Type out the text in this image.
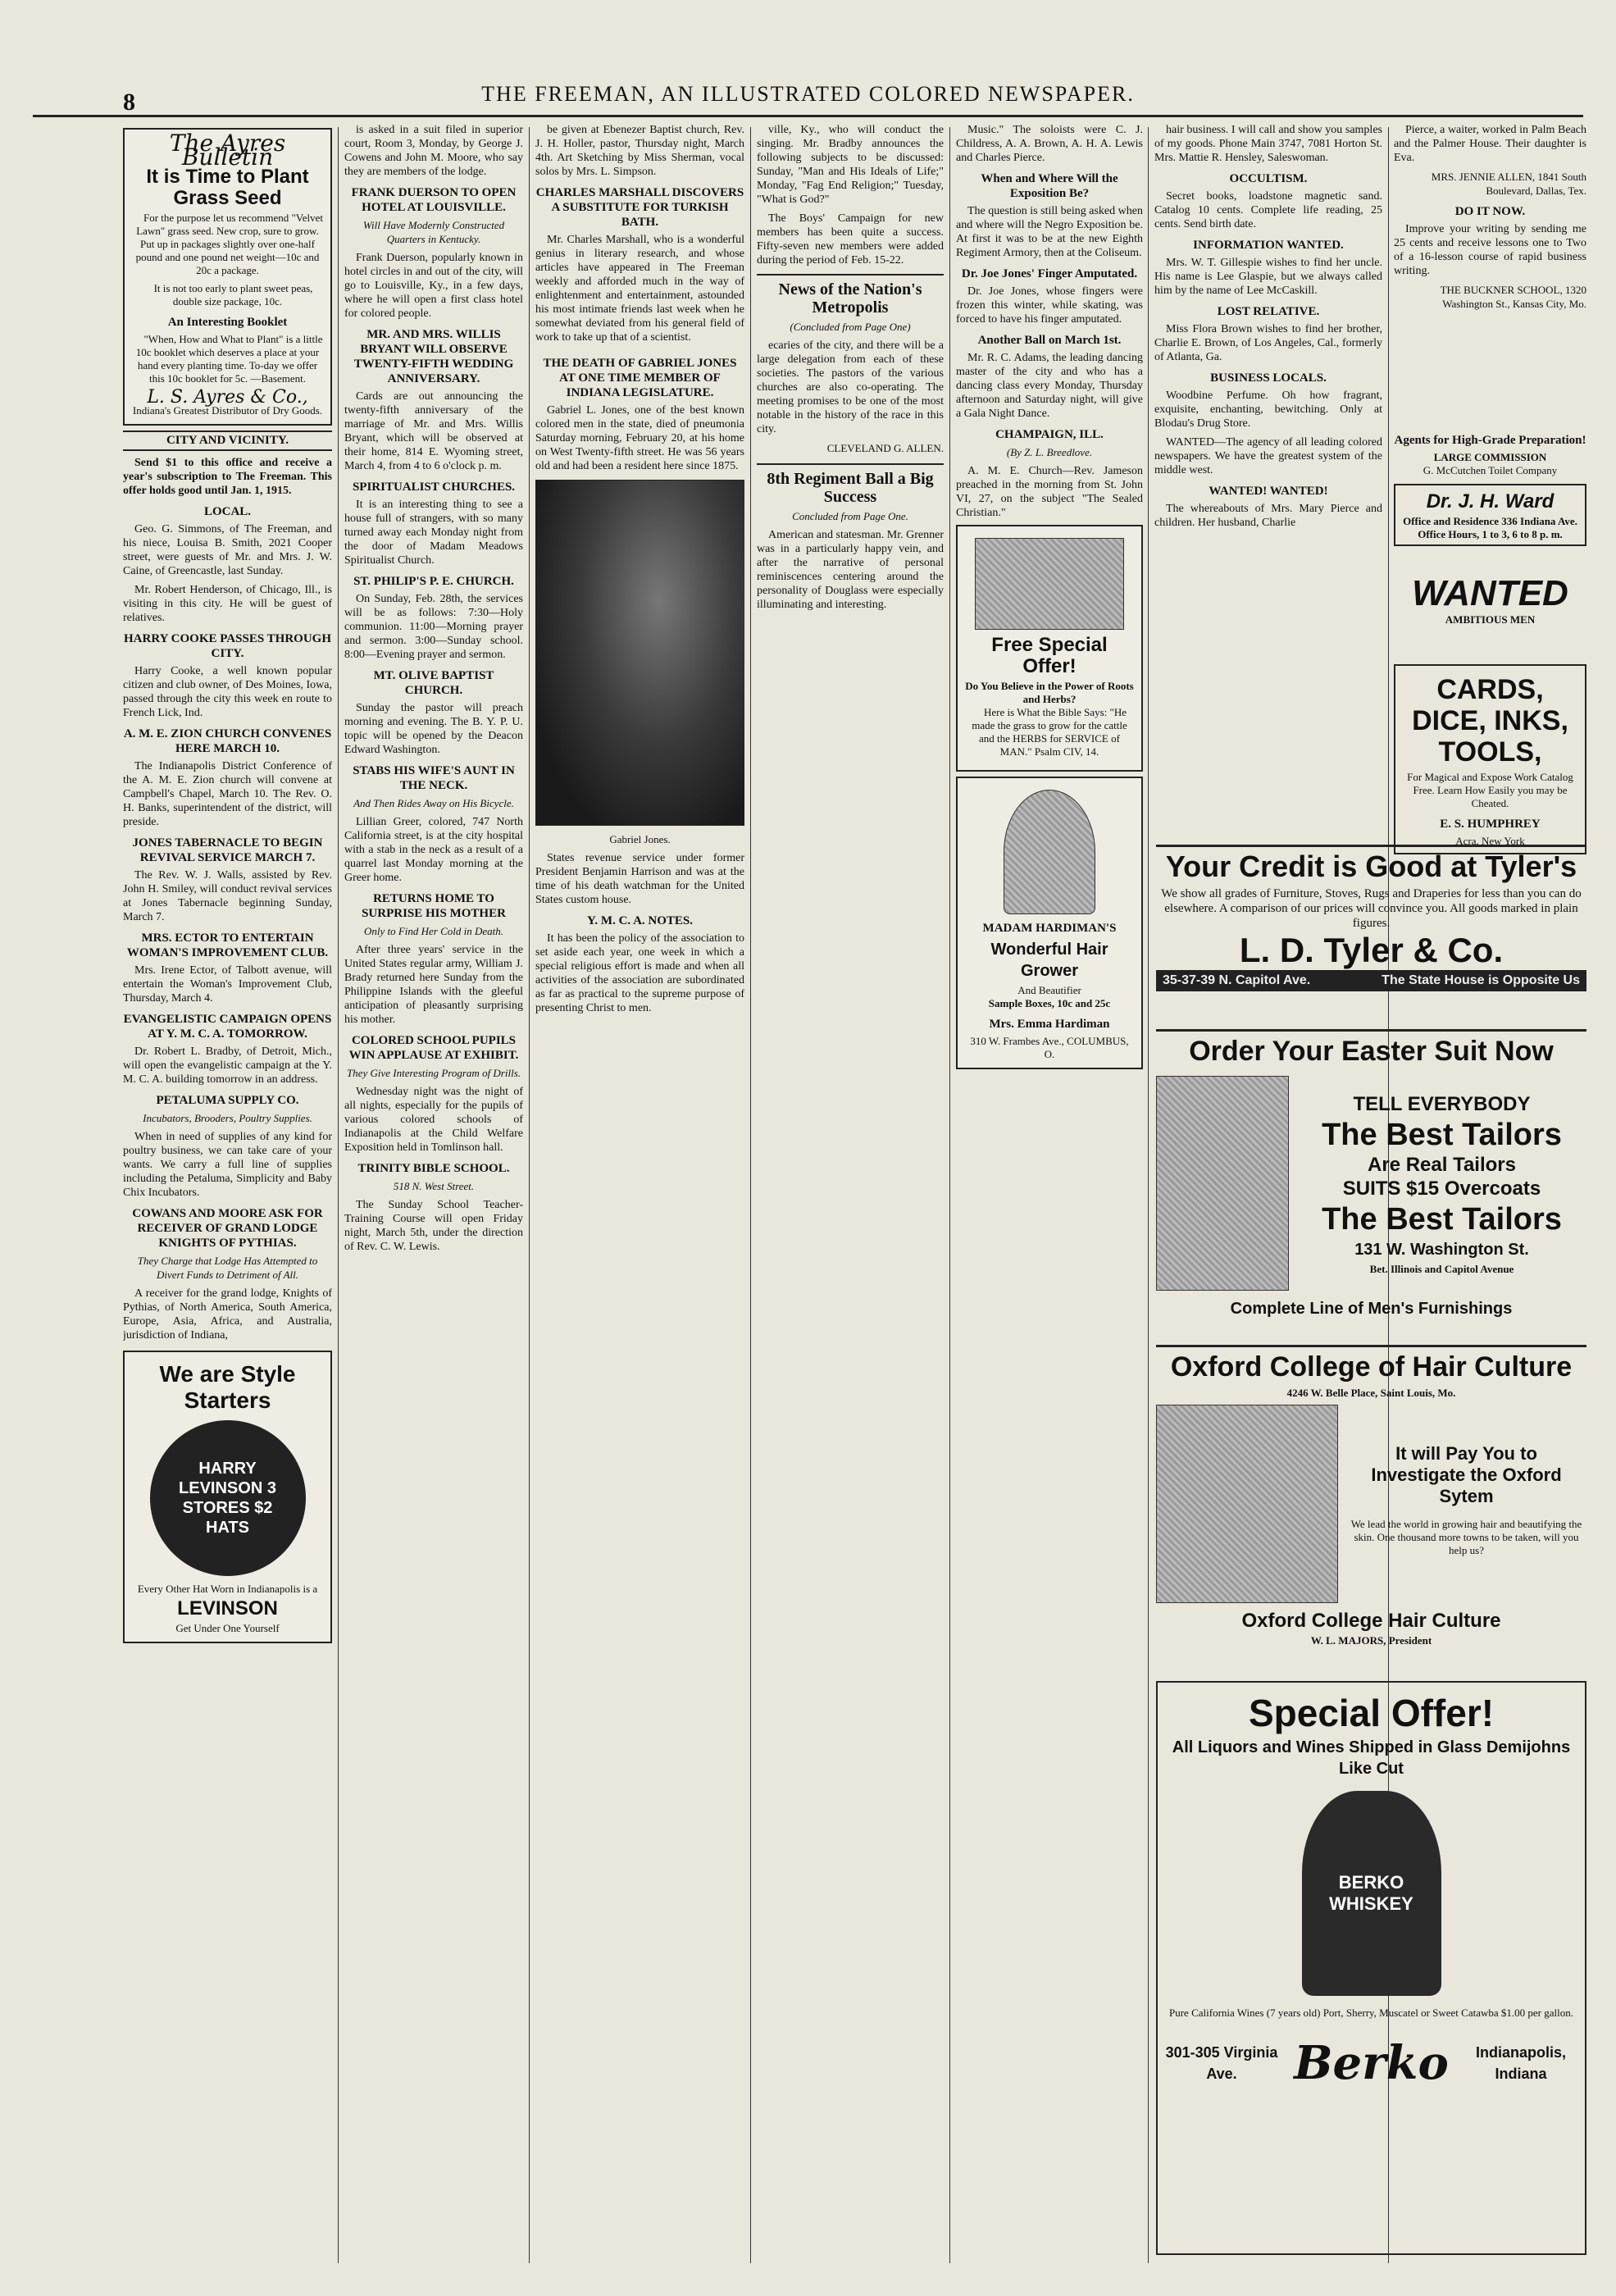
8	THE FREEMAN, AN ILLUSTRATED COLORED NEWSPAPER.
The Ayres Bulletin
It is Time to Plant Grass Seed

For the purpose let us recommend "Velvet Lawn" grass seed. New crop, sure to grow. Put up in packages slightly over one-half pound and one pound net weight—10c and 20c a package.

It is not too early to plant sweet peas, double size package, 10c.

An Interesting Booklet

"When, How and What to Plant" is a little 10c booklet which deserves a place at your hand every planting time. To-day we offer this 10c booklet for 5c. —Basement.

L. S. Ayres & Co.,
Indiana's Greatest Distributor of Dry Goods.
CITY AND VICINITY.

Send $1 to this office and receive a year's subscription to The Freeman. This offer holds good until Jan. 1, 1915.

LOCAL.

Geo. G. Simmons, of The Freeman, and his niece, Louisa B. Smith, 2021 Cooper street, were guests of Mr. and Mrs. J. W. Caine, of Greencastle, last Sunday.

Mr. Robert Henderson, of Chicago, Ill., is visiting in this city. He will be guest of relatives.

HARRY COOKE PASSES THROUGH CITY.

Harry Cooke, a well known popular citizen and club owner, of Des Moines, Iowa, passed through the city this week en route to French Lick, Ind.

A. M. E. ZION CHURCH CONVENES HERE MARCH 10.

The Indianapolis District Conference of the A. M. E. Zion church will convene at Campbell's Chapel, March 10. The Rev. O. H. Banks, superintendent of the district, will preside.

JONES TABERNACLE TO BEGIN REVIVAL SERVICE MARCH 7.

The Rev. W. J. Walls, assisted by Rev. John H. Smiley, will conduct revival services at Jones Tabernacle beginning Sunday, March 7.

MRS. ECTOR TO ENTERTAIN WOMAN'S IMPROVEMENT CLUB.

Mrs. Irene Ector, of Talbott avenue, will entertain the Woman's Improvement Club, Thursday, March 4.

EVANGELISTIC CAMPAIGN OPENS AT Y. M. C. A. TOMORROW.

Dr. Robert L. Bradby, of Detroit, Mich., will open the evangelistic campaign at the Y. M. C. A. building tomorrow in an address.

PETALUMA SUPPLY CO.
Incubators, Brooders, Poultry Supplies.

When in need of supplies of any kind for poultry business, we can take care of your wants. We carry a full line of supplies including the Petaluma, Simplicity and Baby Chix Incubators.

COWANS AND MOORE ASK FOR RECEIVER OF GRAND LODGE KNIGHTS OF PYTHIAS.
They Charge that Lodge Has Attempted to Divert Funds to Detriment of All.

A receiver for the grand lodge, Knights of Pythias, of North America, South America, Europe, Asia, Africa, and Australia, jurisdiction of Indiana,

We are Style Starters
HARRY LEVINSON 3 STORES $2 HATS
Every Other Hat Worn in Indianapolis is a
LEVINSON
Get Under One Yourself

is asked in a suit filed in superior court, Room 3, Monday, by George J. Cowens and John M. Moore, who say they are members of the lodge.

FRANK DUERSON TO OPEN HOTEL AT LOUISVILLE.
Will Have Modernly Constructed Quarters in Kentucky.

Frank Duerson, popularly known in hotel circles in and out of the city, will go to Louisville, Ky., in a few days, where he will open a first class hotel for colored people.

MR. AND MRS. WILLIS BRYANT WILL OBSERVE TWENTY-FIFTH WEDDING ANNIVERSARY.

Cards are out announcing the twenty-fifth anniversary of the marriage of Mr. and Mrs. Willis Bryant, which will be observed at their home, 814 E. Wyoming street, March 4, from 4 to 6 o'clock p. m.

SPIRITUALIST CHURCHES.

It is an interesting thing to see a house full of strangers, with so many turned away each Monday night from the door of Madam Meadows Spiritualist Church.

ST. PHILIP'S P. E. CHURCH.

On Sunday, Feb. 28th, the services will be as follows: 7:30—Holy communion. 11:00—Morning prayer and sermon. 3:00—Sunday school. 8:00—Evening prayer and sermon.

MT. OLIVE BAPTIST CHURCH.

Sunday the pastor will preach morning and evening. The B. Y. P. U. topic will be opened by the Deacon Edward Washington.

STABS HIS WIFE'S AUNT IN THE NECK.
And Then Rides Away on His Bicycle.

Lillian Greer, colored, 747 North California street, is at the city hospital with a stab in the neck as a result of a quarrel last Monday morning at the Greer home.

RETURNS HOME TO SURPRISE HIS MOTHER
Only to Find Her Cold in Death.

After three years' service in the United States regular army, William J. Brady returned here Sunday from the Philippine Islands with the gleeful anticipation of pleasantly surprising his mother.

COLORED SCHOOL PUPILS WIN APPLAUSE AT EXHIBIT.
They Give Interesting Program of Drills.

Wednesday night was the night of all nights, especially for the pupils of various colored schools of Indianapolis at the Child Welfare Exposition held in Tomlinson hall.

TRINITY BIBLE SCHOOL.
518 N. West Street.

The Sunday School Teacher-Training Course will open Friday night, March 5th, under the direction of Rev. C. W. Lewis.

be given at Ebenezer Baptist church, Rev. J. H. Holler, pastor, Thursday night, March 4th. Art Sketching by Miss Sherman, vocal solos by Mrs. L. Simpson.

CHARLES MARSHALL DISCOVERS A SUBSTITUTE FOR TURKISH BATH.

Mr. Charles Marshall, who is a wonderful genius in literary research, and whose articles have appeared in The Freeman weekly and afforded much in the way of enlightenment and entertainment, astounded his most intimate friends last week when he somewhat deviated from his general field of work to take up that of a scientist.

THE DEATH OF GABRIEL JONES AT ONE TIME MEMBER OF INDIANA LEGISLATURE.

Gabriel L. Jones, one of the best known colored men in the state, died of pneumonia Saturday morning, February 20, at his home on West Twenty-fifth street. He was 56 years old and had been a resident here since 1875.

Gabriel Jones.

States revenue service under former President Benjamin Harrison and was at the time of his death watchman for the United States custom house.

Y. M. C. A. NOTES.

It has been the policy of the association to set aside each year, one week in which a special religious effort is made and when all activities of the association are subordinated as far as practical to the supreme purpose of presenting Christ to men.

ville, Ky., who will conduct the singing. Mr. Bradby announces the following subjects to be discussed: Sunday, "Man and His Ideals of Life;" Monday, "Fag End Religion;" Tuesday, "What is God?"

The Boys' Campaign for new members has been quite a success. Fifty-seven new members were added during the period of Feb. 15-22.

News of the Nation's Metropolis
(Concluded from Page One)

ecaries of the city, and there will be a large delegation from each of these societies. The pastors of the various churches are also co-operating. The meeting promises to be one of the most notable in the history of the race in this city.

CLEVELAND G. ALLEN.
8th Regiment Ball a Big Success
Concluded from Page One.

American and statesman. Mr. Grenner was in a particularly happy vein, and after the narrative of personal reminiscences centering around the personality of Douglass were especially illuminating and interesting.

Music." The soloists were C. J. Childress, A. A. Brown, A. H. A. Lewis and Charles Pierce.

When and Where Will the Exposition Be?

The question is still being asked when and where will the Negro Exposition be. At first it was to be at the new Eighth Regiment Armory, then at the Coliseum.

Dr. Joe Jones' Finger Amputated.

Dr. Joe Jones, whose fingers were frozen this winter, while skating, was forced to have his finger amputated.

Another Ball on March 1st.

Mr. R. C. Adams, the leading dancing master of the city and who has a dancing class every Monday, Thursday afternoon and Saturday night, will give a Gala Night Dance.

CHAMPAIGN, ILL.
(By Z. L. Breedlove.

A. M. E. Church—Rev. Jameson preached in the morning from St. John VI, 27, on the subject "The Sealed Christian."

Free Special Offer!
Do You Believe in the Power of Roots and Herbs?

Here is What the Bible Says: "He made the grass to grow for the cattle and the HERBS for SERVICE of MAN." Psalm CIV, 14.

MADAM HARDIMAN'S
Wonderful Hair Grower
And Beautifier
Sample Boxes, 10c and 25c
Mrs. Emma Hardiman
310 W. Frambes Ave., COLUMBUS, O.

hair business. I will call and show you samples of my goods. Phone Main 3747, 7081 Horton St. Mrs. Mattie R. Hensley, Saleswoman.

OCCULTISM.

Secret books, loadstone magnetic sand. Catalog 10 cents. Complete life reading, 25 cents. Send birth date.

INFORMATION WANTED.

Mrs. W. T. Gillespie wishes to find her uncle. His name is Lee Glaspie, but we always called him by the name of Lee McCaskill.

LOST RELATIVE.

Miss Flora Brown wishes to find her brother, Charlie E. Brown, of Los Angeles, Cal., formerly of Atlanta, Ga.

BUSINESS LOCALS.

Woodbine Perfume. Oh how fragrant, exquisite, enchanting, bewitching. Only at Blodau's Drug Store.

WANTED—The agency of all leading colored newspapers. We have the greatest system of the middle west.

WANTED! WANTED!

The whereabouts of Mrs. Mary Pierce and children. Her husband, Charlie

Pierce, a waiter, worked in Palm Beach and the Palmer House. Their daughter is Eva.

MRS. JENNIE ALLEN, 1841 South Boulevard, Dallas, Tex.
DO IT NOW.

Improve your writing by sending me 25 cents and receive lessons one to Two of a 16-lesson course of rapid business writing.

THE BUCKNER SCHOOL, 1320 Washington St., Kansas City, Mo.
Agents for High-Grade Preparation!
LARGE COMMISSION
G. McCutchen Toilet Company
Dr. J. H. Ward
Office and Residence 336 Indiana Ave.
Office Hours, 1 to 3, 6 to 8 p. m.
WANTED
AMBITIOUS MEN
CARDS, DICE, INKS, TOOLS,
For Magical and Expose Work Catalog Free. Learn How Easily you may be Cheated.
E. S. HUMPHREY
Acra, New York
Your Credit is Good at Tyler's
We show all grades of Furniture, Stoves, Rugs and Draperies for less than you can do elsewhere. A comparison of our prices will convince you. All goods marked in plain figures.
L. D. Tyler & Co.
35-37-39 N. Capitol Ave.	The State House is Opposite Us
Order Your Easter Suit Now
TELL EVERYBODY
The Best Tailors
Are Real Tailors
SUITS $15 Overcoats
The Best Tailors
131 W. Washington St.
Bet. Illinois and Capitol Avenue
Complete Line of Men's Furnishings
Oxford College of Hair Culture
4246 W. Belle Place, Saint Louis, Mo.
It will Pay You to Investigate the Oxford Sytem

We lead the world in growing hair and beautifying the skin. One thousand more towns to be taken, will you help us?

Oxford College Hair Culture
W. L. MAJORS, President
Special Offer!
All Liquors and Wines Shipped in Glass Demijohns Like Cut
BERKO WHISKEY

Pure California Wines (7 years old) Port, Sherry, Muscatel or Sweet Catawba $1.00 per gallon.

301-305 Virginia Ave.	Berko	Indianapolis, Indiana
